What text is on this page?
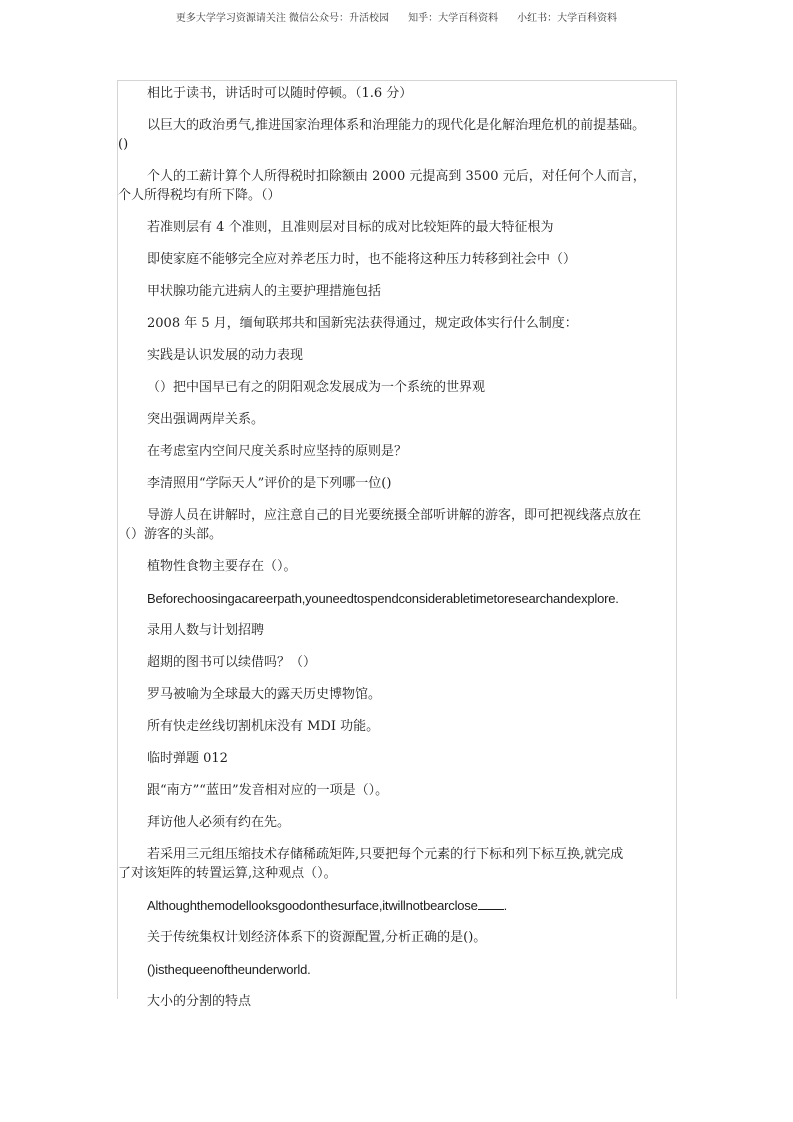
更多大学学习资源请关注 微信公众号：升活校园      知乎：大学百科资料      小红书：大学百科资料

相比于读书，讲话时可以随时停顿。（1.6 分）

以巨大的政治勇气,推进国家治理体系和治理能力的现代化是化解治理危机的前提基础。
()

个人的工薪计算个人所得税时扣除额由 2000 元提高到 3500 元后，对任何个人而言，
个人所得税均有所下降。（）

若准则层有 4 个准则，且准则层对目标的成对比较矩阵的最大特征根为

即使家庭不能够完全应对养老压力时，也不能将这种压力转移到社会中（）

甲状腺功能亢进病人的主要护理措施包括

2008 年 5 月，缅甸联邦共和国新宪法获得通过，规定政体实行什么制度：

实践是认识发展的动力表现

（）把中国早已有之的阴阳观念发展成为一个系统的世界观

突出强调两岸关系。

在考虑室内空间尺度关系时应坚持的原则是？

李清照用“学际天人”评价的是下列哪一位()

导游人员在讲解时，应注意自己的目光要统摄全部听讲解的游客，即可把视线落点放在
（）游客的头部。

植物性食物主要存在（）。

Beforechoosingacareerpath,youneedtospendconsiderabletimetoresearchandexplore.

录用人数与计划招聘

超期的图书可以续借吗？（）

罗马被喻为全球最大的露天历史博物馆。

所有快走丝线切割机床没有 MDI 功能。

临时弹题 012

跟“南方”“蓝田”发音相对应的一项是（）。

拜访他人必须有约在先。

若采用三元组压缩技术存储稀疏矩阵,只要把每个元素的行下标和列下标互换,就完成
了对该矩阵的转置运算,这种观点（）。

Althoughthemodellooksgoodonthesurface,itwillnotbearclose .

关于传统集权计划经济体系下的资源配置,分析正确的是()。

()isthequeenoftheunderworld.

大小的分割的特点
